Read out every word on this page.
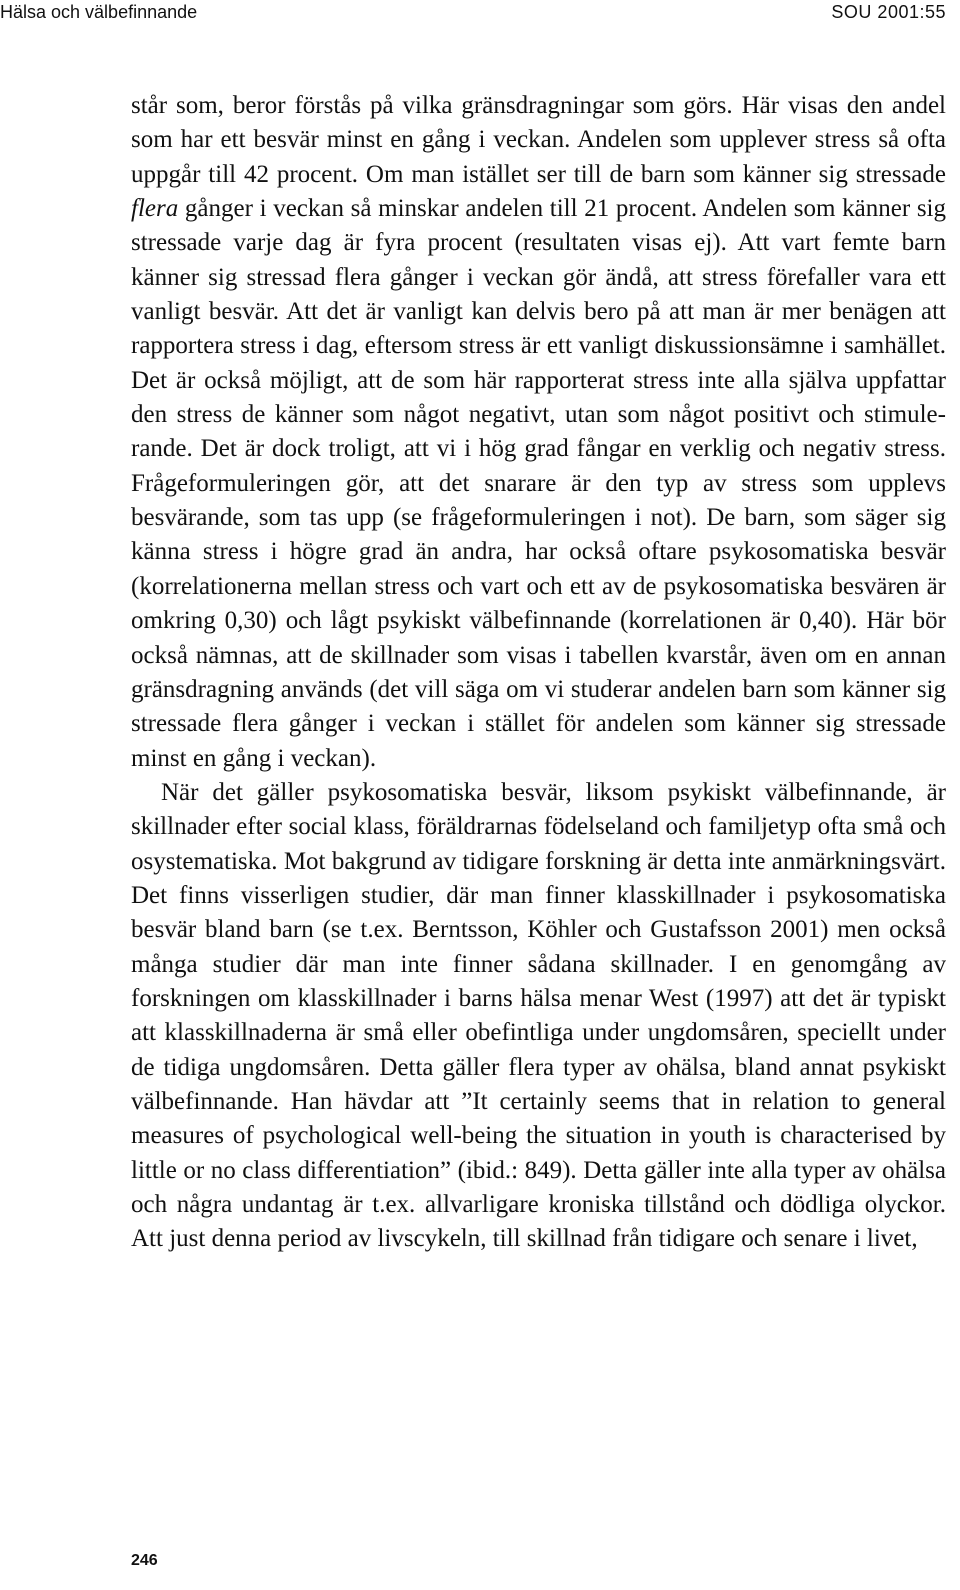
Hälsa och välbefinnande	SOU 2001:55

står som, beror förstås på vilka gränsdragningar som görs. Här visas den andel som har ett besvär minst en gång i veckan. Andelen som upplever stress så ofta uppgår till 42 procent. Om man istället ser till de barn som känner sig stressade flera gånger i veckan så minskar andelen till 21 procent. Andelen som känner sig stressade varje dag är fyra procent (resultaten visas ej). Att vart femte barn känner sig stressad flera gånger i veckan gör ändå, att stress förefaller vara ett vanligt besvär. Att det är vanligt kan delvis bero på att man är mer benägen att rapportera stress i dag, eftersom stress är ett vanligt diskussionsämne i samhället. Det är också möjligt, att de som här rapporterat stress inte alla själva uppfattar den stress de känner som något negativt, utan som något positivt och stimulerande. Det är dock troligt, att vi i hög grad fångar en verklig och negativ stress. Frågeformuleringen gör, att det snarare är den typ av stress som upplevs besvärande, som tas upp (se frågeformuleringen i not). De barn, som säger sig känna stress i högre grad än andra, har också oftare psykosomatiska besvär (korrelationerna mellan stress och vart och ett av de psykosomatiska besvären är omkring 0,30) och lågt psykiskt välbefinnande (korrelationen är 0,40). Här bör också nämnas, att de skillnader som visas i tabellen kvarstår, även om en annan gränsdragning används (det vill säga om vi studerar andelen barn som känner sig stressade flera gånger i veckan i stället för andelen som känner sig stressade minst en gång i veckan).

När det gäller psykosomatiska besvär, liksom psykiskt välbefinnande, är skillnader efter social klass, föräldrarnas födelseland och familjetyp ofta små och osystematiska. Mot bakgrund av tidigare forskning är detta inte anmärkningsvärt. Det finns visserligen studier, där man finner klasskillnader i psykosomatiska besvär bland barn (se t.ex. Berntsson, Köhler och Gustafsson 2001) men också många studier där man inte finner sådana skillnader. I en genomgång av forskningen om klasskillnader i barns hälsa menar West (1997) att det är typiskt att klasskillnaderna är små eller obefintliga under ungdomsåren, speciellt under de tidiga ungdomsåren. Detta gäller flera typer av ohälsa, bland annat psykiskt välbefinnande. Han hävdar att ”It certainly seems that in relation to general measures of psychological well-being the situation in youth is characterised by little or no class differentiation” (ibid.: 849). Detta gäller inte alla typer av ohälsa och några undantag är t.ex. allvarligare kroniska tillstånd och dödliga olyckor. Att just denna period av livscykeln, till skillnad från tidigare och senare i livet,

246
